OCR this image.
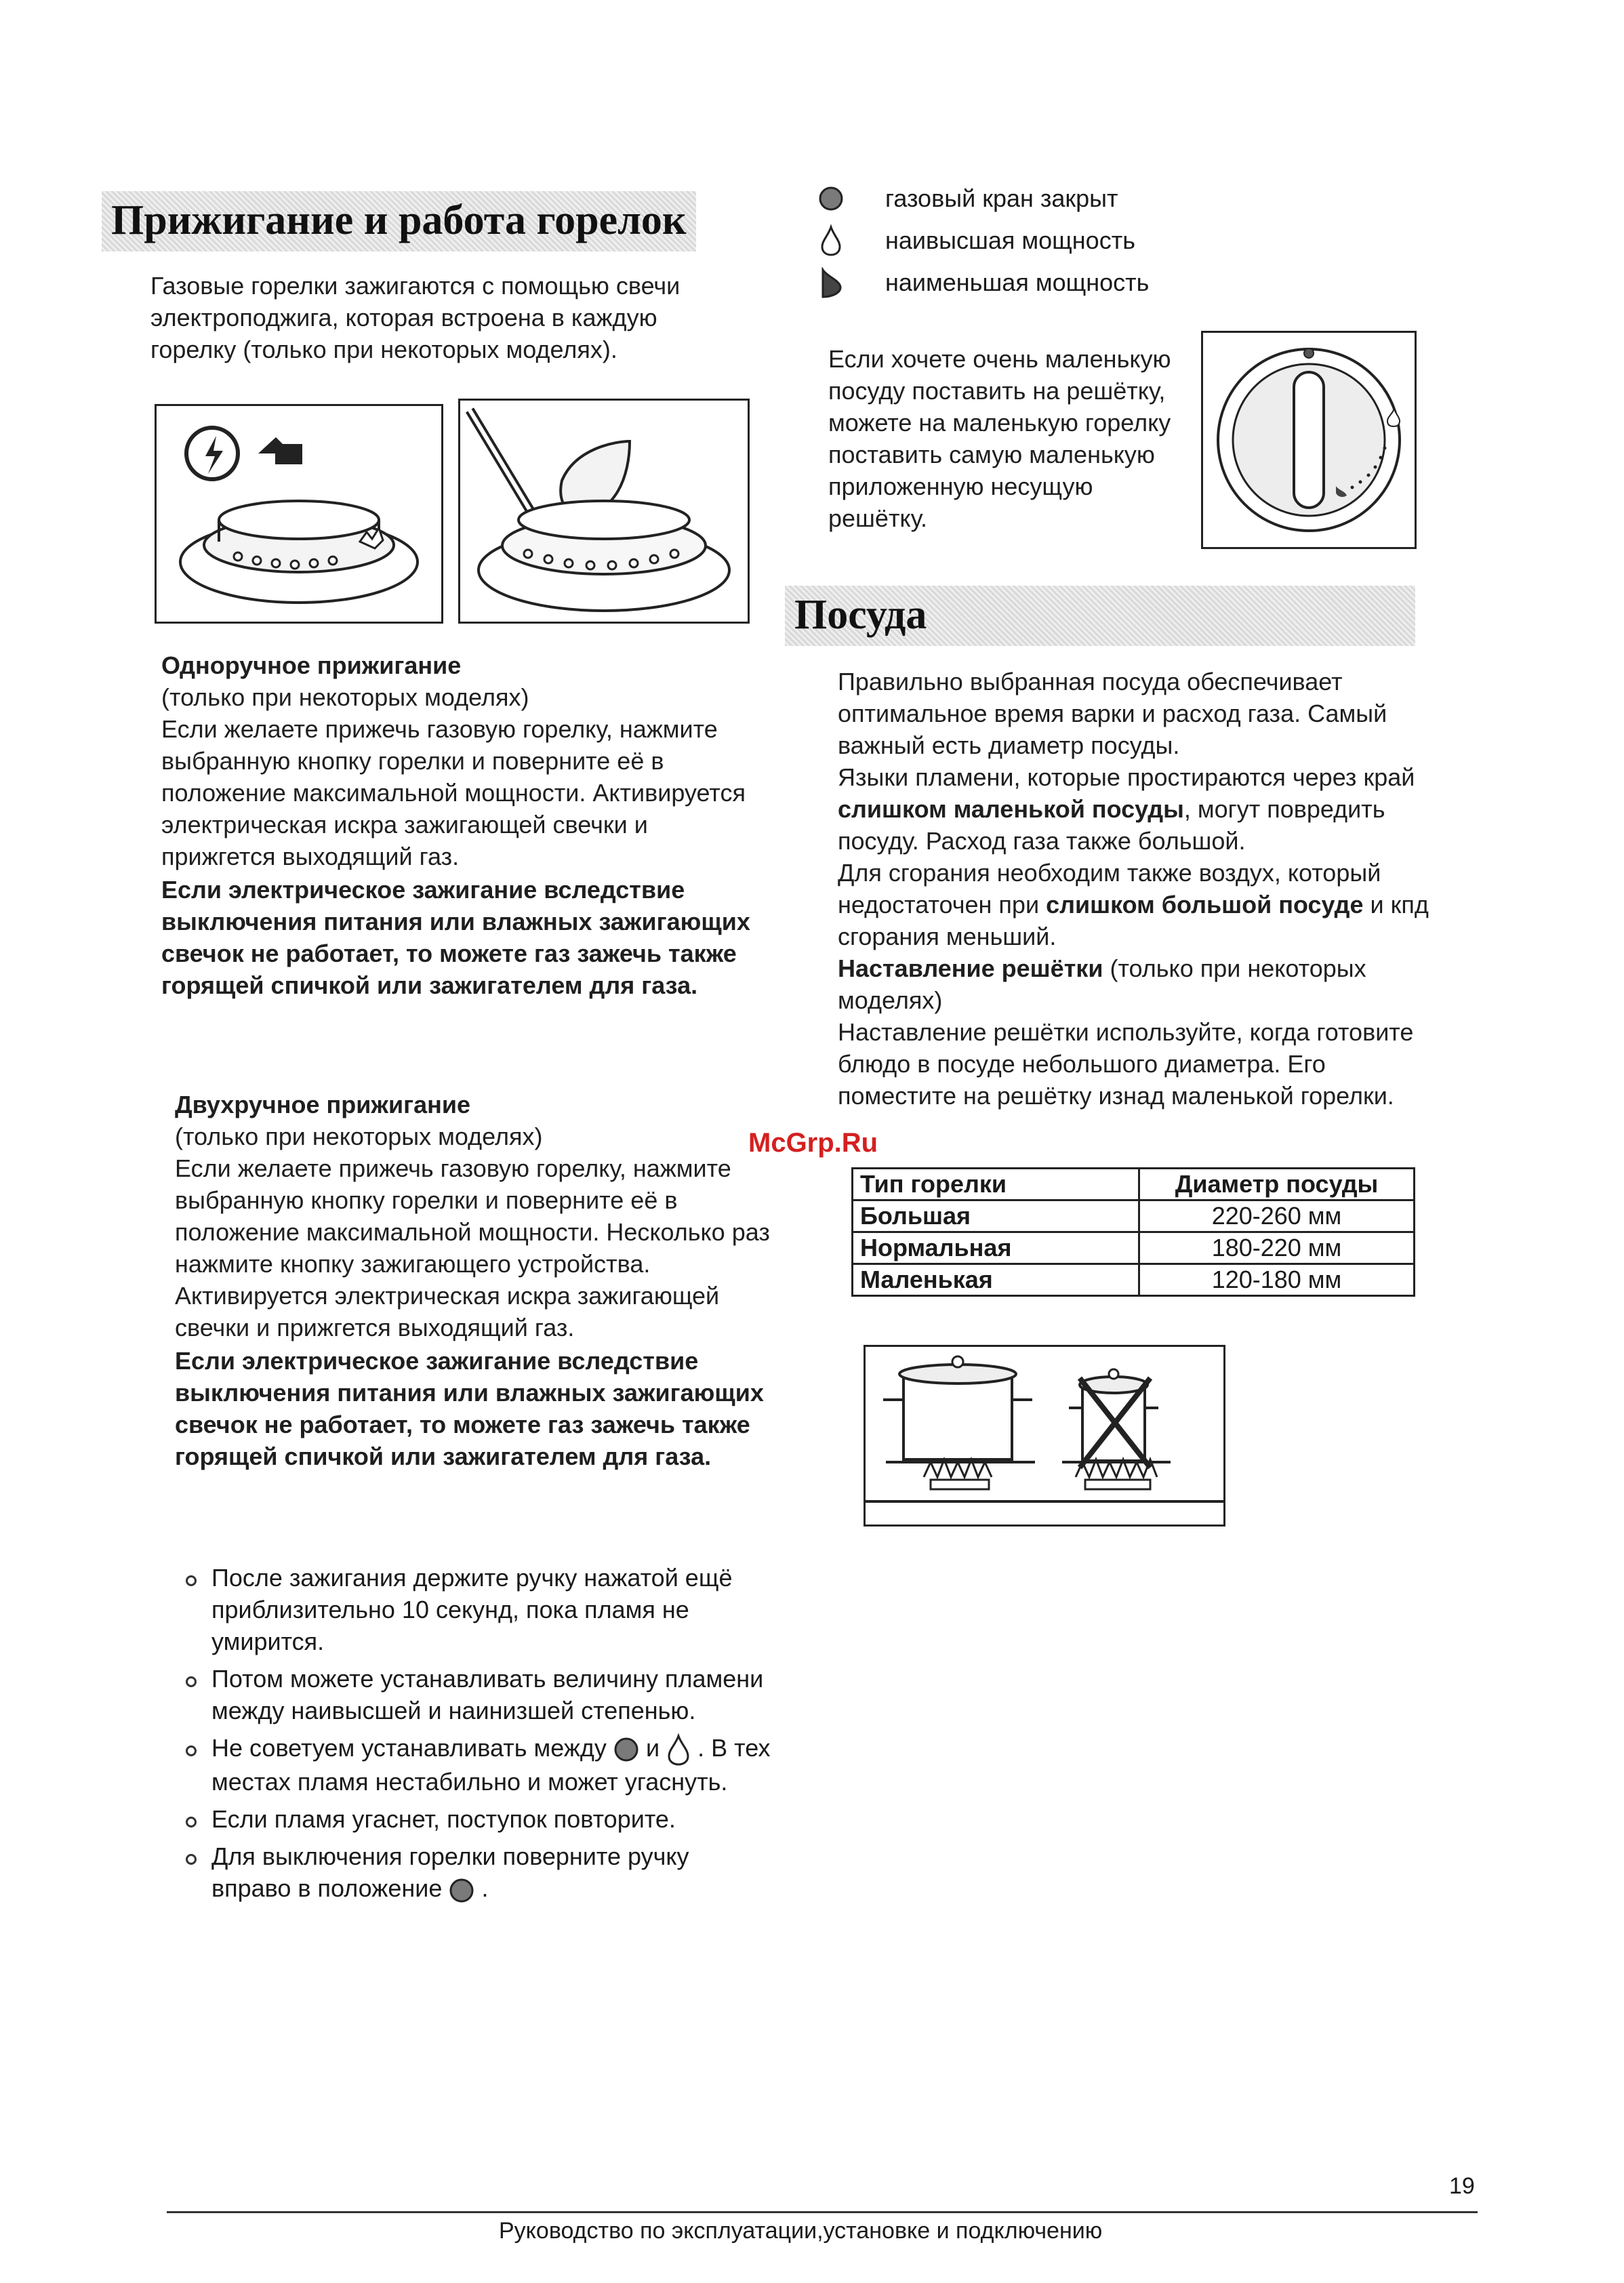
Прижигание и работа горелок
Газовые горелки зажигаются с помощью свечи электроподжига, которая встроена в каждую горелку (только при некоторых моделях).

Одноручное прижигание

(только при некоторых моделях)

Если желаете прижечь газовую горелку, нажмите выбранную кнопку горелки и поверните её в положение максимальной мощности. Активируется электрическая искра зажигающей свечки и прижгется выходящий газ.

Если электрическое зажигание вследствие выключения питания или влажных зажигающих свечок не работает, то можете газ зажечь также горящей спичкой или зажигателем для газа.

Двухручное прижигание

(только при некоторых моделях)

Если желаете прижечь газовую горелку, нажмите выбранную кнопку горелки и поверните её в положение максимальной мощности. Несколько раз нажмите кнопку зажигающего устройства. Активируется электрическая искра зажигающей свечки и прижгется выходящий газ.

Если электрическое зажигание вследствие выключения питания или влажных зажигающих свечок не работает, то можете газ зажечь также горящей спичкой или зажигателем для газа.

После зажигания держите ручку нажатой ещё приблизительно 10 секунд, пока пламя не умирится.
Потом можете устанавливать величину пламени между наивысшей и наинизшей степенью.
Не советуем устанавливать между и . В тех местах пламя нестабильно и может угаснуть.
Если пламя угаснет, поступок повторите.
Для выключения горелки поверните ручку вправо в положение .
газовый кран закрыт
наивысшая мощность
наименьшая мощность
Если хочете очень маленькую посуду поставить на решётку, можете на маленькую горелку поставить самую маленькую приложенную несущую решётку.
Посуда

Правильно выбранная посуда обеспечивает оптимальное время варки и расход газа. Самый важный есть диаметр посуды.

Языки пламени, которые простираются через край слишком маленькой посуды, могут повредить посуду. Расход газа также большой.

Для сгорания необходим также воздух, который недостаточен при слишком большой посуде и кпд сгорания меньший.

Наставление решётки (только при некоторых моделях)

Наставление решётки используйте, когда готовите блюдо в посуде небольшого диаметра. Его поместите на решётку изнад маленькой горелки.

McGrp.Ru
Тип горелки	Диаметр посуды
Большая	220-260 мм
Нормальная	180-220 мм
Маленькая	120-180 мм
19
Руководство по эксплуатации,установке и подключению
